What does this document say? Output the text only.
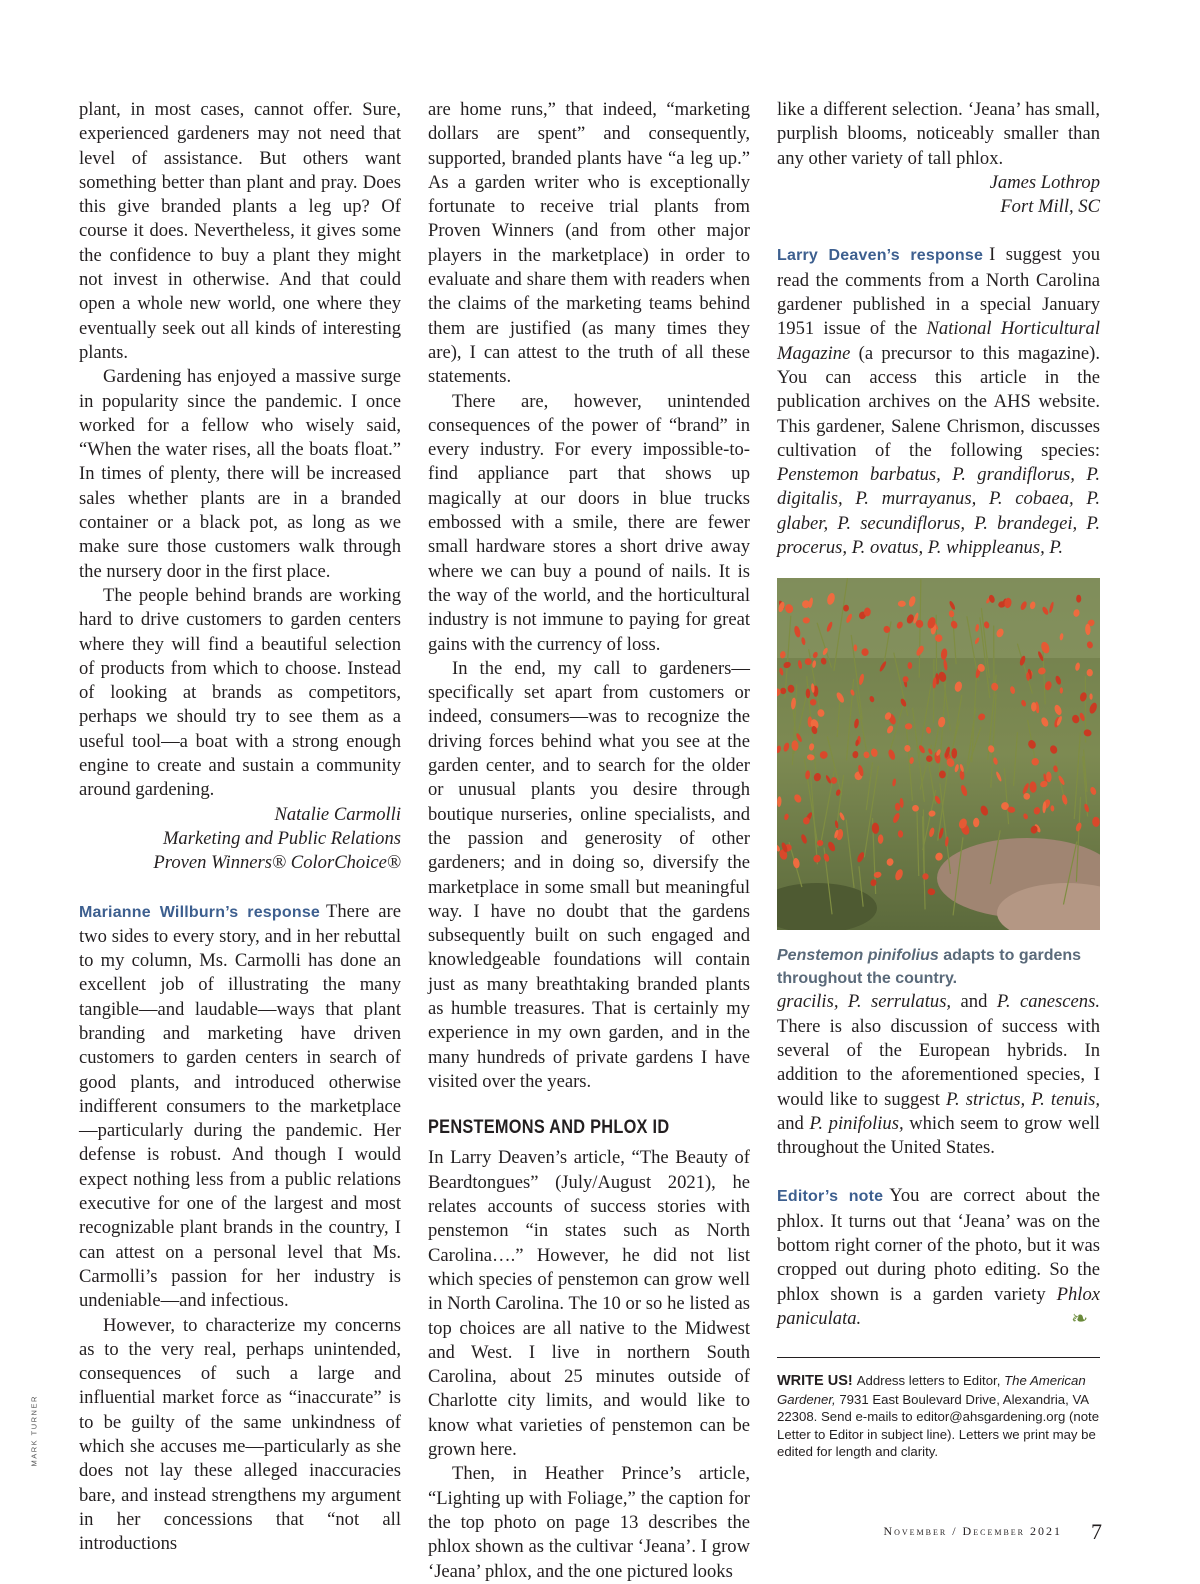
MARK TURNER

plant, in most cases, cannot offer. Sure, experienced gardeners may not need that level of assistance. But others want something better than plant and pray. Does this give branded plants a leg up? Of course it does. Nevertheless, it gives some the confidence to buy a plant they might not invest in otherwise. And that could open a whole new world, one where they eventually seek out all kinds of interesting plants.

Gardening has enjoyed a massive surge in popularity since the pandemic. I once worked for a fellow who wisely said, “When the water rises, all the boats float.” In times of plenty, there will be increased sales whether plants are in a branded container or a black pot, as long as we make sure those customers walk through the nursery door in the first place.

The people behind brands are working hard to drive customers to garden centers where they will find a beautiful selection of products from which to choose. Instead of looking at brands as competitors, perhaps we should try to see them as a useful tool—a boat with a strong enough engine to create and sustain a community around gardening.

Natalie Carmolli

Marketing and Public Relations

Proven Winners® ColorChoice®

Marianne Willburn’s response There are two sides to every story, and in her rebuttal to my column, Ms. Carmolli has done an excellent job of illustrating the many tangible—and laudable—ways that plant branding and marketing have driven customers to garden centers in search of good plants, and introduced otherwise indifferent consumers to the marketplace—particularly during the pandemic. Her defense is robust. And though I would expect nothing less from a public relations executive for one of the largest and most recognizable plant brands in the country, I can attest on a personal level that Ms. Carmolli’s passion for her industry is undeniable—and infectious.

However, to characterize my concerns as to the very real, perhaps unintended, consequences of such a large and influential market force as “inaccurate” is to be guilty of the same unkindness of which she accuses me—particularly as she does not lay these alleged inaccuracies bare, and instead strengthens my argument in her concessions that “not all introductions

are home runs,” that indeed, “marketing dollars are spent” and consequently, supported, branded plants have “a leg up.” As a garden writer who is exceptionally fortunate to receive trial plants from Proven Winners (and from other major players in the marketplace) in order to evaluate and share them with readers when the claims of the marketing teams behind them are justified (as many times they are), I can attest to the truth of all these statements.

There are, however, unintended consequences of the power of “brand” in every industry. For every impossible-to-find appliance part that shows up magically at our doors in blue trucks embossed with a smile, there are fewer small hardware stores a short drive away where we can buy a pound of nails. It is the way of the world, and the horticultural industry is not immune to paying for great gains with the currency of loss.

In the end, my call to gardeners—specifically set apart from customers or indeed, consumers—was to recognize the driving forces behind what you see at the garden center, and to search for the older or unusual plants you desire through boutique nurseries, online specialists, and the passion and generosity of other gardeners; and in doing so, diversify the marketplace in some small but meaningful way. I have no doubt that the gardens subsequently built on such engaged and knowledgeable foundations will contain just as many breathtaking branded plants as humble treasures. That is certainly my experience in my own garden, and in the many hundreds of private gardens I have visited over the years.

PENSTEMONS AND PHLOX ID

In Larry Deaven’s article, “The Beauty of Beardtongues” (July/August 2021), he relates accounts of success stories with penstemon “in states such as North Carolina….” However, he did not list which species of penstemon can grow well in North Carolina. The 10 or so he listed as top choices are all native to the Midwest and West. I live in northern South Carolina, about 25 minutes outside of Charlotte city limits, and would like to know what varieties of penstemon can be grown here.

Then, in Heather Prince’s article, “Lighting up with Foliage,” the caption for the top photo on page 13 describes the phlox shown as the cultivar ‘Jeana’. I grow ‘Jeana’ phlox, and the one pictured looks

like a different selection. ‘Jeana’ has small, purplish blooms, noticeably smaller than any other variety of tall phlox.

James Lothrop

Fort Mill, SC

Larry Deaven’s response I suggest you read the comments from a North Carolina gardener published in a special January 1951 issue of the National Horticultural Magazine (a precursor to this magazine). You can access this article in the publication archives on the AHS website. This gardener, Salene Chrismon, discusses cultivation of the following species: Penstemon barbatus, P. grandiflorus, P. digitalis, P. murrayanus, P. cobaea, P. glaber, P. secundiflorus, P. brandegei, P. procerus, P. ovatus, P. whippleanus, P.

Penstemon pinifolius adapts to gardens throughout the country.

gracilis, P. serrulatus, and P. canescens. There is also discussion of success with several of the European hybrids. In addition to the aforementioned species, I would like to suggest P. strictus, P. tenuis, and P. pinifolius, which seem to grow well throughout the United States.

Editor’s note You are correct about the phlox. It turns out that ‘Jeana’ was on the bottom right corner of the photo, but it was cropped out during photo editing. So the phlox shown is a garden variety Phlox paniculata.	❧

WRITE US! Address letters to Editor, The American Gardener, 7931 East Boulevard Drive, Alexandria, VA 22308. Send e-mails to editor@ahsgardening.org (note Letter to Editor in subject line). Letters we print may be edited for length and clarity.

November / December 2021 7
